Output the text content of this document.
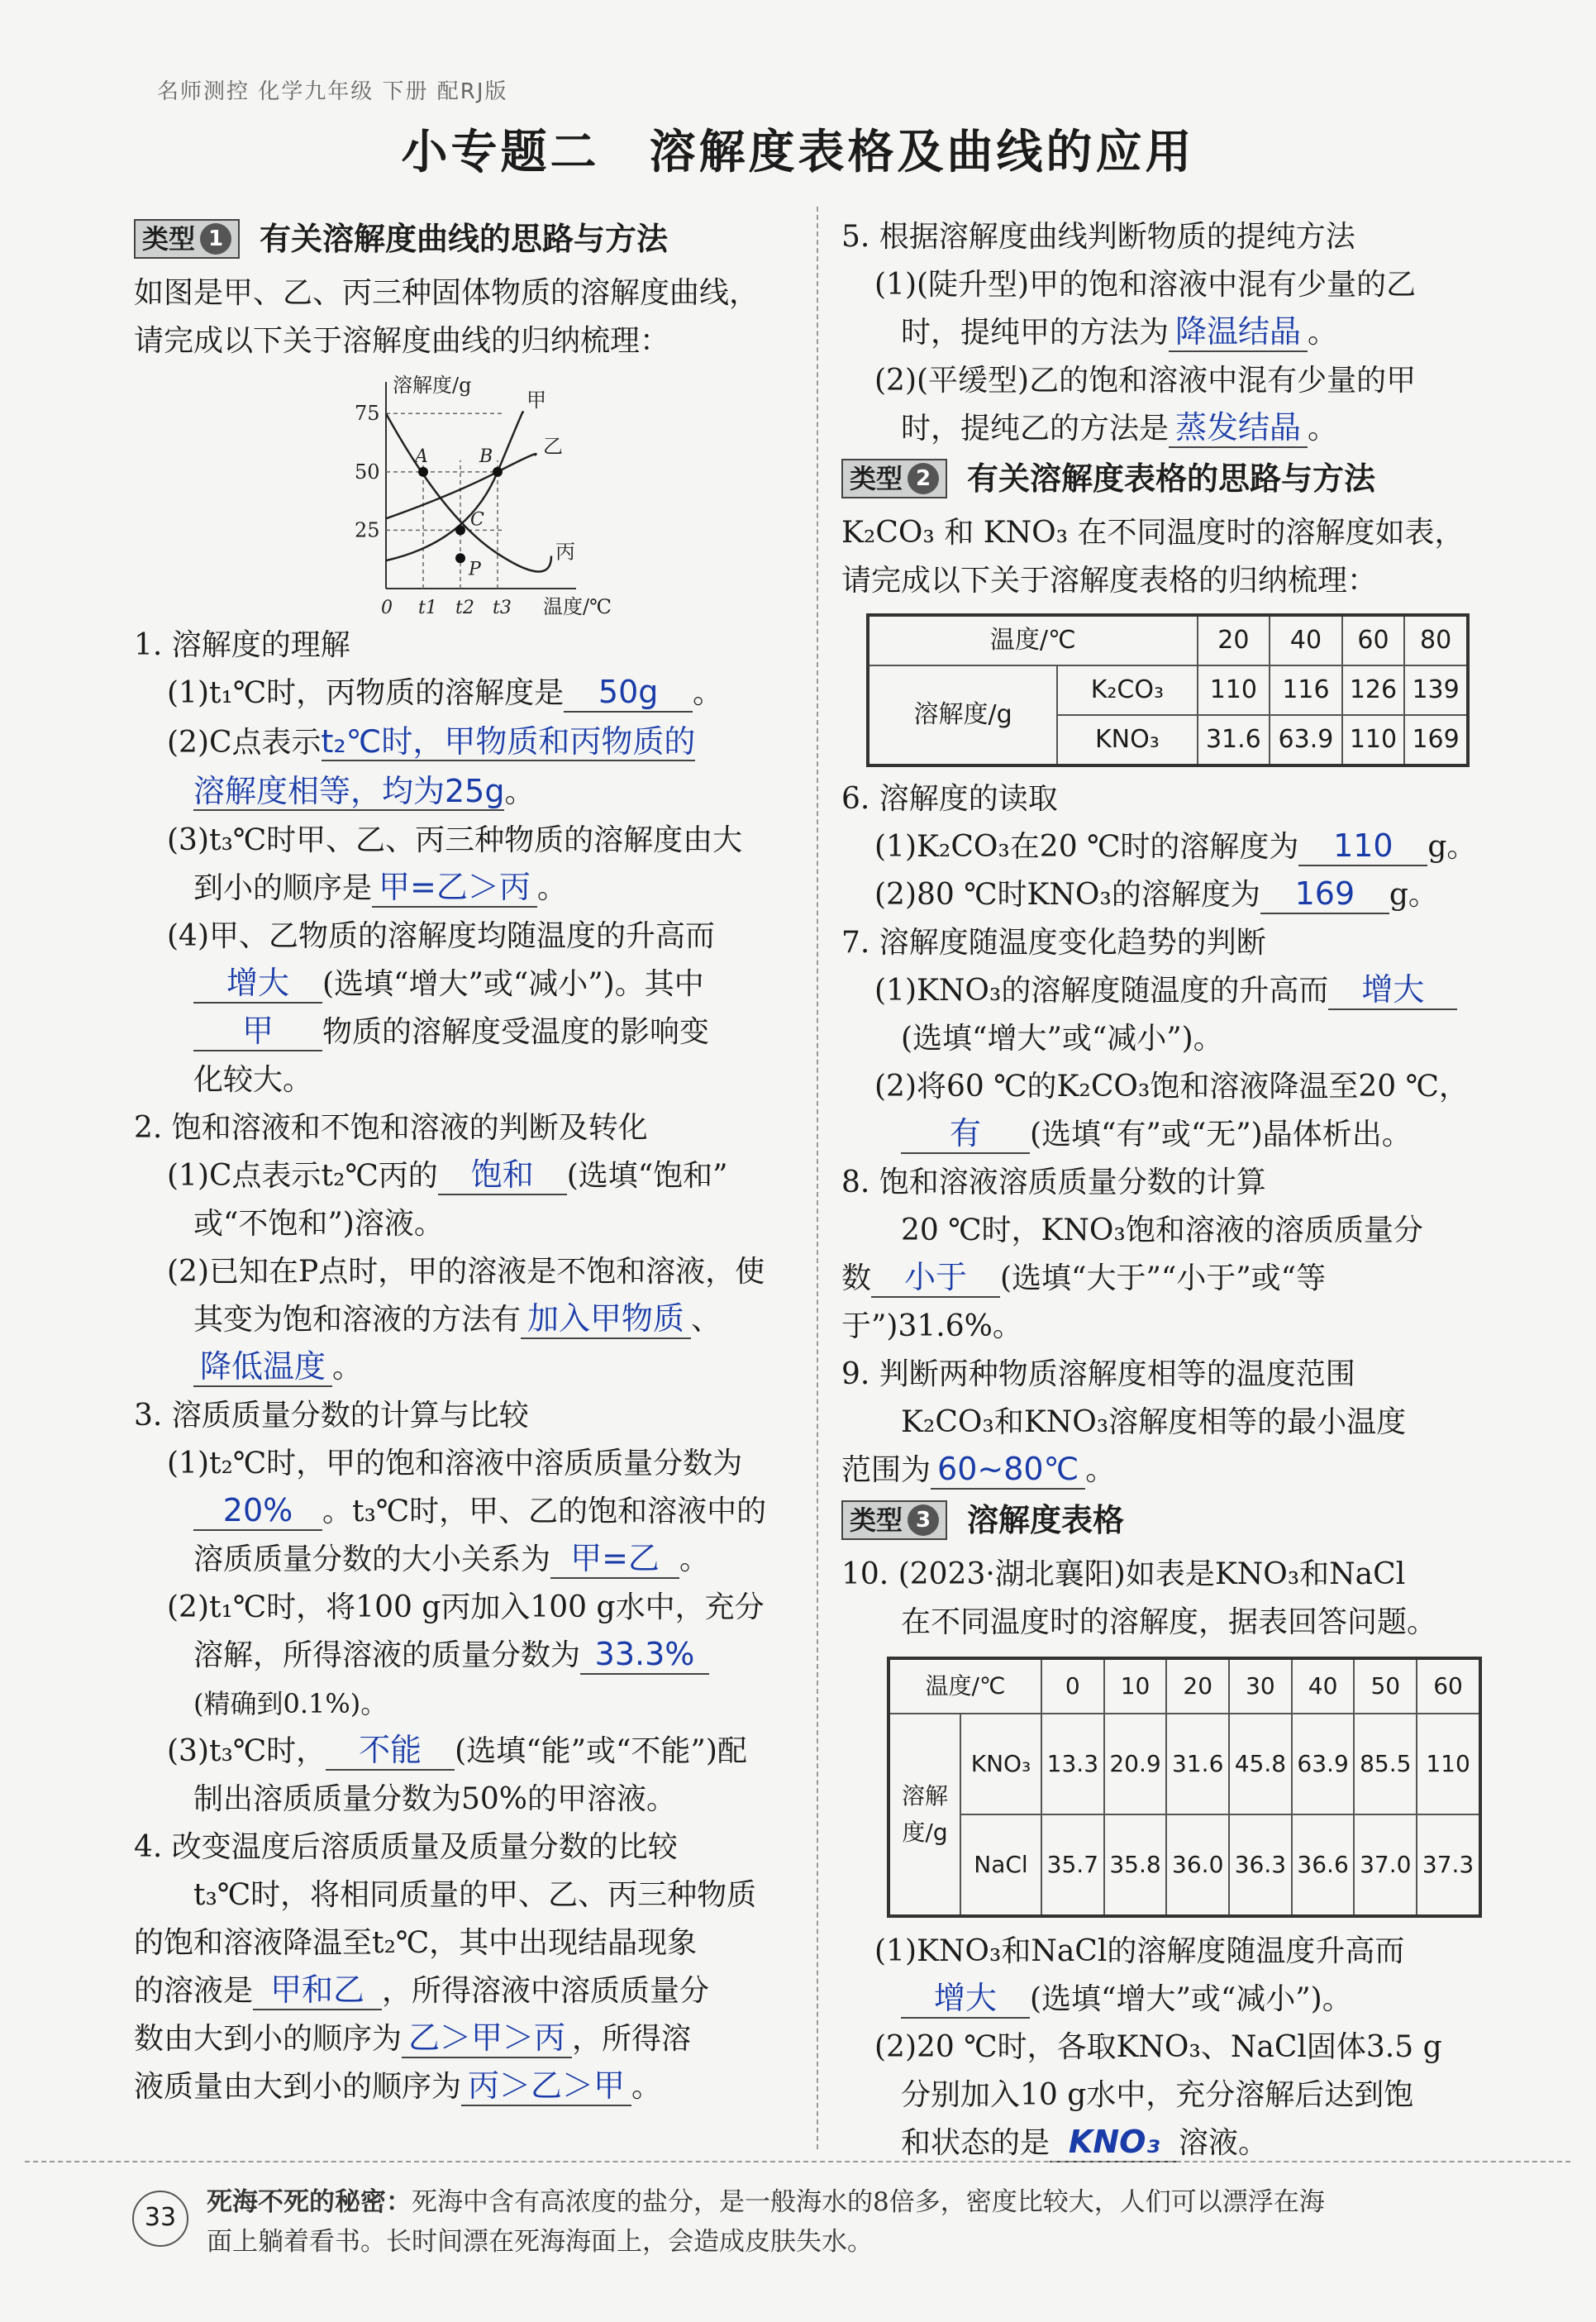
名师测控 化学九年级 下册 配RJ版
小专题二　溶解度表格及曲线的应用
类型 1 有关溶解度曲线的思路与方法

如图是甲、乙、丙三种固体物质的溶解度曲线，

请完成以下关于溶解度曲线的归纳梳理：

溶解度/g
温度/℃
75
50
25
0 t1 t2 t3
甲
乙
丙
A	B
C
P

1. 溶解度的理解

(1)t₁℃时，丙物质的溶解度是 50g 。

(2)C点表示t₂℃时，甲物质和丙物质的

溶解度相等，均为25g。

(3)t₃℃时甲、乙、丙三种物质的溶解度由大

到小的顺序是 甲=乙＞丙 。

(4)甲、乙物质的溶解度均随温度的升高而

增大 (选填“增大”或“减小”)。其中

甲 物质的溶解度受温度的影响变

化较大。

2. 饱和溶液和不饱和溶液的判断及转化

(1)C点表示t₂℃丙的 饱和 (选填“饱和”

或“不饱和”)溶液。

(2)已知在P点时，甲的溶液是不饱和溶液，使

其变为饱和溶液的方法有 加入甲物质 、

降低温度 。

3. 溶质质量分数的计算与比较

(1)t₂℃时，甲的饱和溶液中溶质质量分数为

20% 。t₃℃时，甲、乙的饱和溶液中的

溶质质量分数的大小关系为 甲=乙 。

(2)t₁℃时，将100 g丙加入100 g水中，充分

溶解，所得溶液的质量分数为 33.3%

(精确到0.1%)。

(3)t₃℃时， 不能 (选填“能”或“不能”)配

制出溶质质量分数为50%的甲溶液。

4. 改变温度后溶质质量及质量分数的比较

t₃℃时，将相同质量的甲、乙、丙三种物质

的饱和溶液降温至t₂℃，其中出现结晶现象

的溶液是 甲和乙 ，所得溶液中溶质质量分

数由大到小的顺序为 乙＞甲＞丙 ，所得溶

液质量由大到小的顺序为 丙＞乙＞甲 。

5. 根据溶解度曲线判断物质的提纯方法

(1)(陡升型)甲的饱和溶液中混有少量的乙

时，提纯甲的方法为 降温结晶 。

(2)(平缓型)乙的饱和溶液中混有少量的甲

时，提纯乙的方法是 蒸发结晶 。

类型 2 有关溶解度表格的思路与方法

K₂CO₃ 和 KNO₃ 在不同温度时的溶解度如表，

请完成以下关于溶解度表格的归纳梳理：

温度/℃		20	40	60	80
溶解度/g	K₂CO₃	110	116	126	139
	KNO₃	31.6	63.9	110	169

6. 溶解度的读取

(1)K₂CO₃在20 ℃时的溶解度为 110 g。

(2)80 ℃时KNO₃的溶解度为 169 g。

7. 溶解度随温度变化趋势的判断

(1)KNO₃的溶解度随温度的升高而 增大

(选填“增大”或“减小”)。

(2)将60 ℃的K₂CO₃饱和溶液降温至20 ℃，

有 (选填“有”或“无”)晶体析出。

8. 饱和溶液溶质质量分数的计算

20 ℃时，KNO₃饱和溶液的溶质质量分

数 小于 (选填“大于”“小于”或“等

于”)31.6%。

9. 判断两种物质溶解度相等的温度范围

K₂CO₃和KNO₃溶解度相等的最小温度

范围为 60~80℃ 。

类型 3 溶解度表格

10. (2023·湖北襄阳)如表是KNO₃和NaCl

在不同温度时的溶解度，据表回答问题。

温度/℃		0	10	20	30	40	50	60
溶解
度/g	KNO₃	13.3	20.9	31.6	45.8	63.9	85.5	110
	NaCl	35.7	35.8	36.0	36.3	36.6	37.0	37.3

(1)KNO₃和NaCl的溶解度随温度升高而

增大 (选填“增大”或“减小”)。

(2)20 ℃时，各取KNO₃、NaCl固体3.5 g

分别加入10 g水中，充分溶解后达到饱

和状态的是 KNO₃ 溶液。

33
死海不死的秘密：死海中含有高浓度的盐分，是一般海水的8倍多，密度比较大，人们可以漂浮在海
面上躺着看书。长时间漂在死海海面上，会造成皮肤失水。
